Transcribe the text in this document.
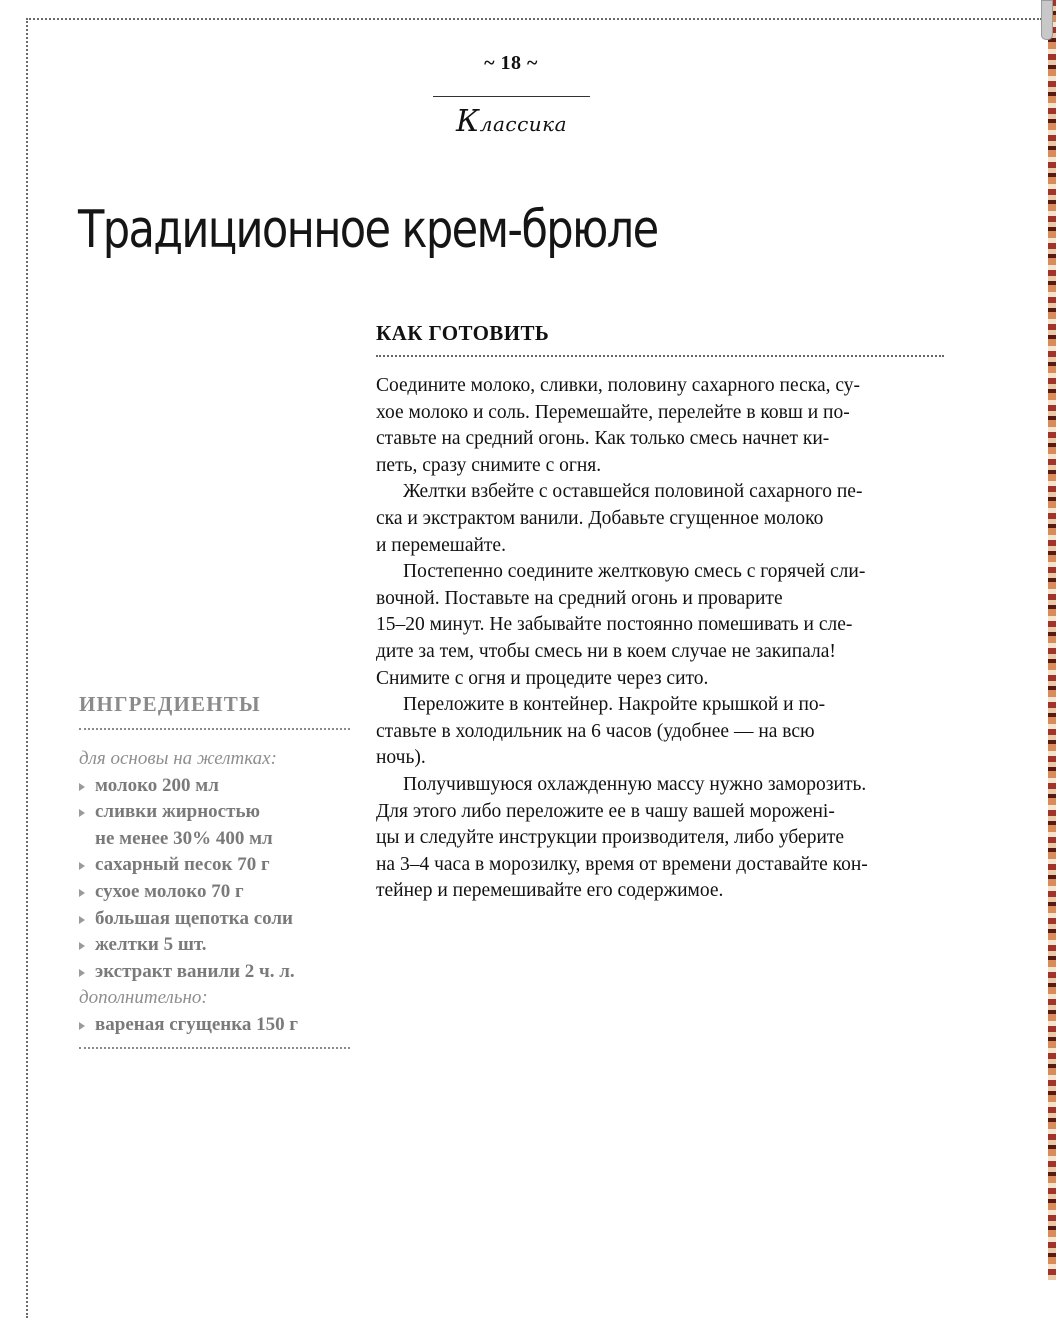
~ 18 ~
Классика
Традиционное крем-брюле
КАК ГОТОВИТЬ
Соедините молоко, сливки, половину сахарного песка, су-
хое молоко и соль. Перемешайте, перелейте в ковш и по-
ставьте на средний огонь. Как только смесь начнет ки-
петь, сразу снимите с огня.
Желтки взбейте с оставшейся половиной сахарного пе-
ска и экстрактом ванили. Добавьте сгущенное молоко
и перемешайте.
Постепенно соедините желтковую смесь с горячей сли-
вочной. Поставьте на средний огонь и проварите
15–20 минут. Не забывайте постоянно помешивать и сле-
дите за тем, чтобы смесь ни в коем случае не закипала!
Снимите с огня и процедите через сито.
Переложите в контейнер. Накройте крышкой и по-
ставьте в холодильник на 6 часов (удобнее — на всю
ночь).
Получившуюся охлажденную массу нужно заморозить.
Для этого либо переложите ее в чашу вашей мороженi-
цы и следуйте инструкции производителя, либо уберите
на 3–4 часа в морозилку, время от времени доставайте кон-
тейнер и перемешивайте его содержимое.
ИНГРЕДИЕНТЫ
для основы на желтках:
молоко 200 мл
сливки жирностью
не менее 30% 400 мл
сахарный песок 70 г
сухое молоко 70 г
большая щепотка соли
желтки 5 шт.
экстракт ванили 2 ч. л.
дополнительно:
вареная сгущенка 150 г
